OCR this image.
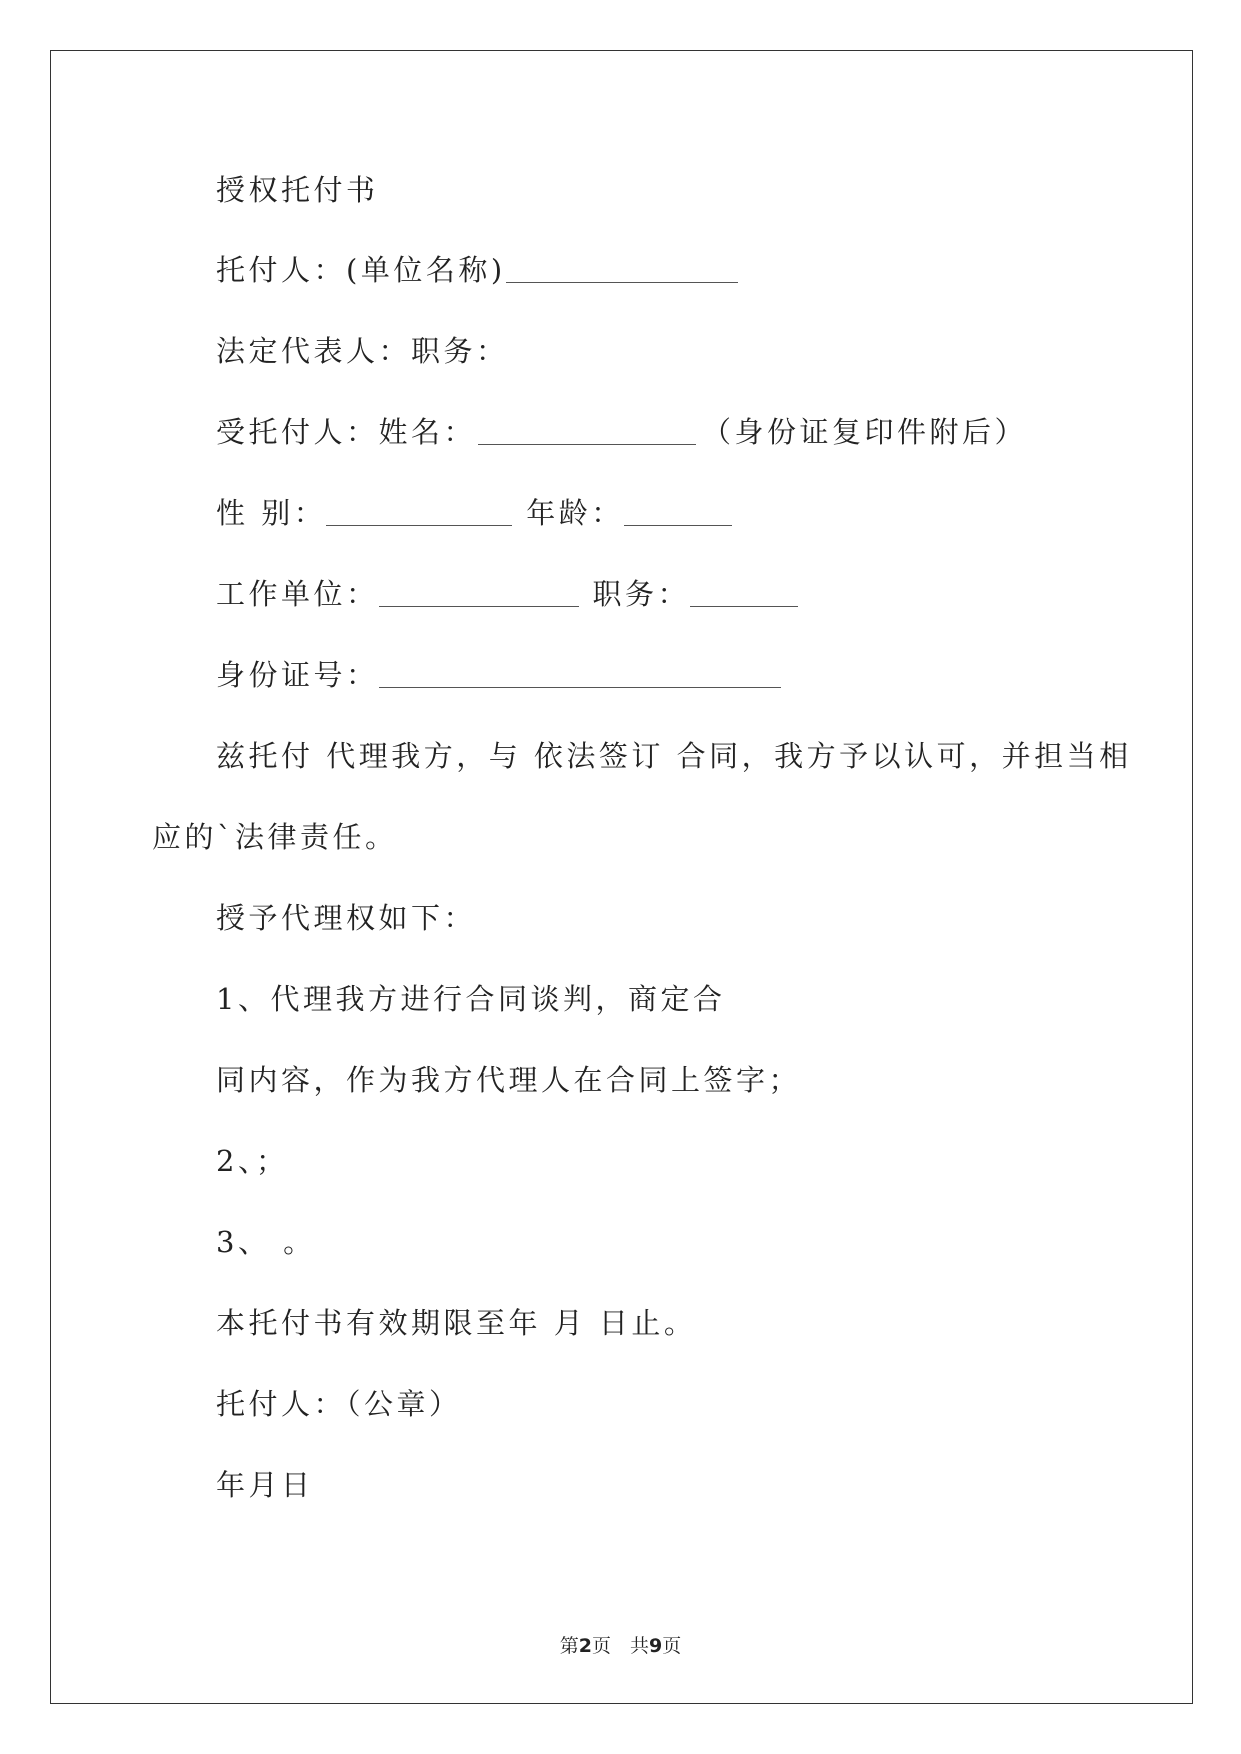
授权托付书
托付人：(单位名称)
法定代表人：职务：
受托付人：姓名：	（身份证复印件附后）
性 别：	年龄：
工作单位：	职务：
身份证号：
兹托付 代理我方，与 依法签订 合同，我方予以认可，并担当相
应的`法律责任。
授予代理权如下：
1、代理我方进行合同谈判，商定合
同内容，作为我方代理人在合同上签字；
2、；
3、 。
本托付书有效期限至年 月 日止。
托付人：（公章）
年月日
第2页　共9页
